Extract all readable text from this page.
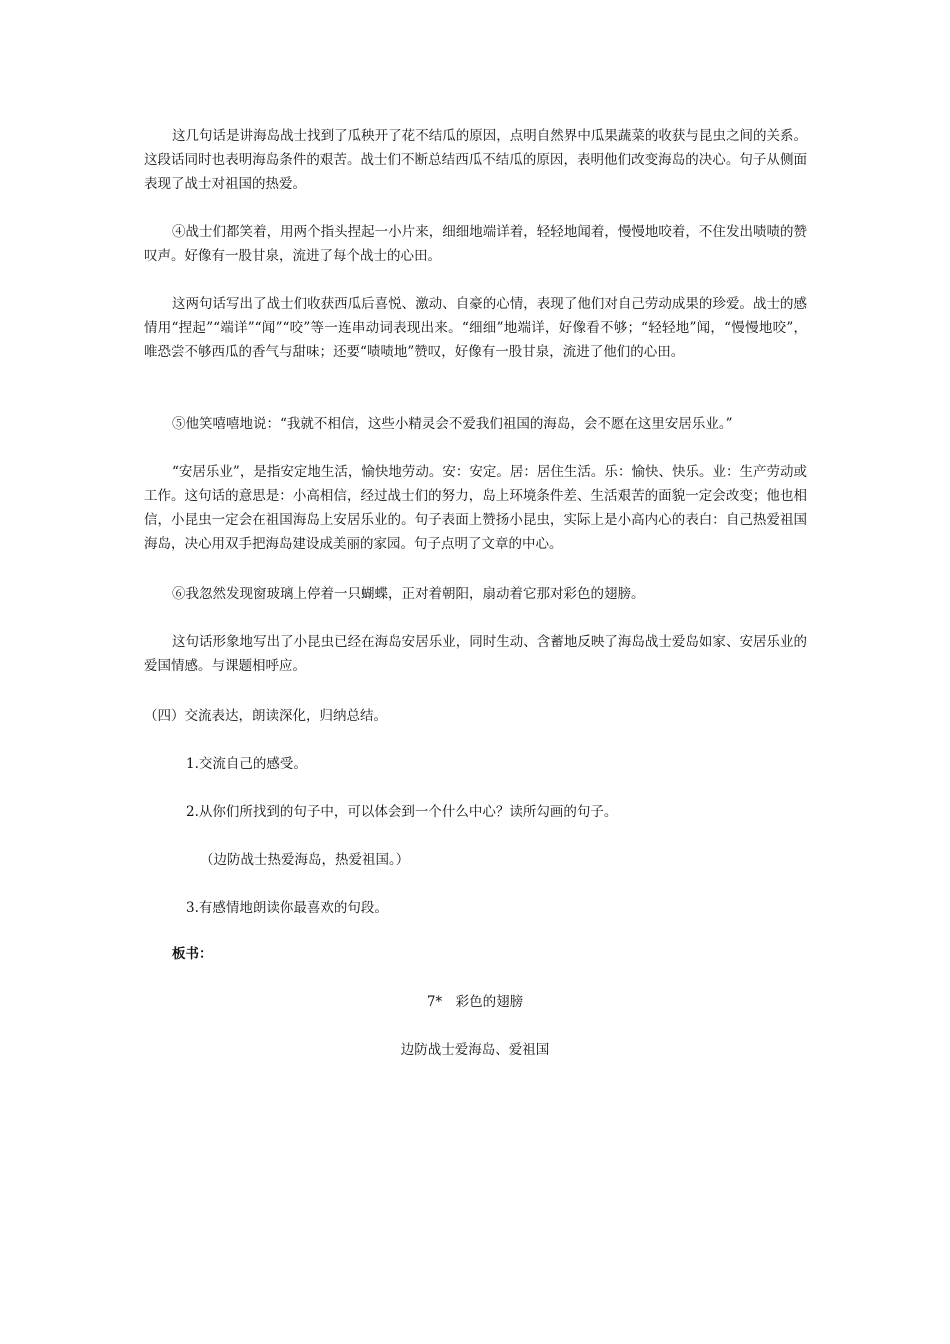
这几句话是讲海岛战士找到了瓜秧开了花不结瓜的原因，点明自然界中瓜果蔬菜的收获与昆虫之间的关系。这段话同时也表明海岛条件的艰苦。战士们不断总结西瓜不结瓜的原因，表明他们改变海岛的决心。句子从侧面表现了战士对祖国的热爱。

④战士们都笑着，用两个指头捏起一小片来，细细地端详着，轻轻地闻着，慢慢地咬着，不住发出啧啧的赞叹声。好像有一股甘泉，流进了每个战士的心田。

这两句话写出了战士们收获西瓜后喜悦、激动、自豪的心情，表现了他们对自己劳动成果的珍爱。战士的感情用“捏起”“端详”“闻”“咬”等一连串动词表现出来。“细细”地端详，好像看不够；“轻轻地”闻，“慢慢地咬”，唯恐尝不够西瓜的香气与甜味；还要“啧啧地”赞叹，好像有一股甘泉，流进了他们的心田。

⑤他笑嘻嘻地说：“我就不相信，这些小精灵会不爱我们祖国的海岛，会不愿在这里安居乐业。”

“安居乐业”，是指安定地生活，愉快地劳动。安：安定。居：居住生活。乐：愉快、快乐。业：生产劳动或工作。这句话的意思是：小高相信，经过战士们的努力，岛上环境条件差、生活艰苦的面貌一定会改变；他也相信，小昆虫一定会在祖国海岛上安居乐业的。句子表面上赞扬小昆虫，实际上是小高内心的表白：自己热爱祖国海岛，决心用双手把海岛建设成美丽的家园。句子点明了文章的中心。

⑥我忽然发现窗玻璃上停着一只蝴蝶，正对着朝阳，扇动着它那对彩色的翅膀。

这句话形象地写出了小昆虫已经在海岛安居乐业，同时生动、含蓄地反映了海岛战士爱岛如家、安居乐业的爱国情感。与课题相呼应。

（四）交流表达，朗读深化，归纳总结。

1.交流自己的感受。

2.从你们所找到的句子中，可以体会到一个什么中心？读所勾画的句子。

（边防战士热爱海岛，热爱祖国。）

3.有感情地朗读你最喜欢的句段。

板书：

7*　彩色的翅膀

边防战士爱海岛、爱祖国
